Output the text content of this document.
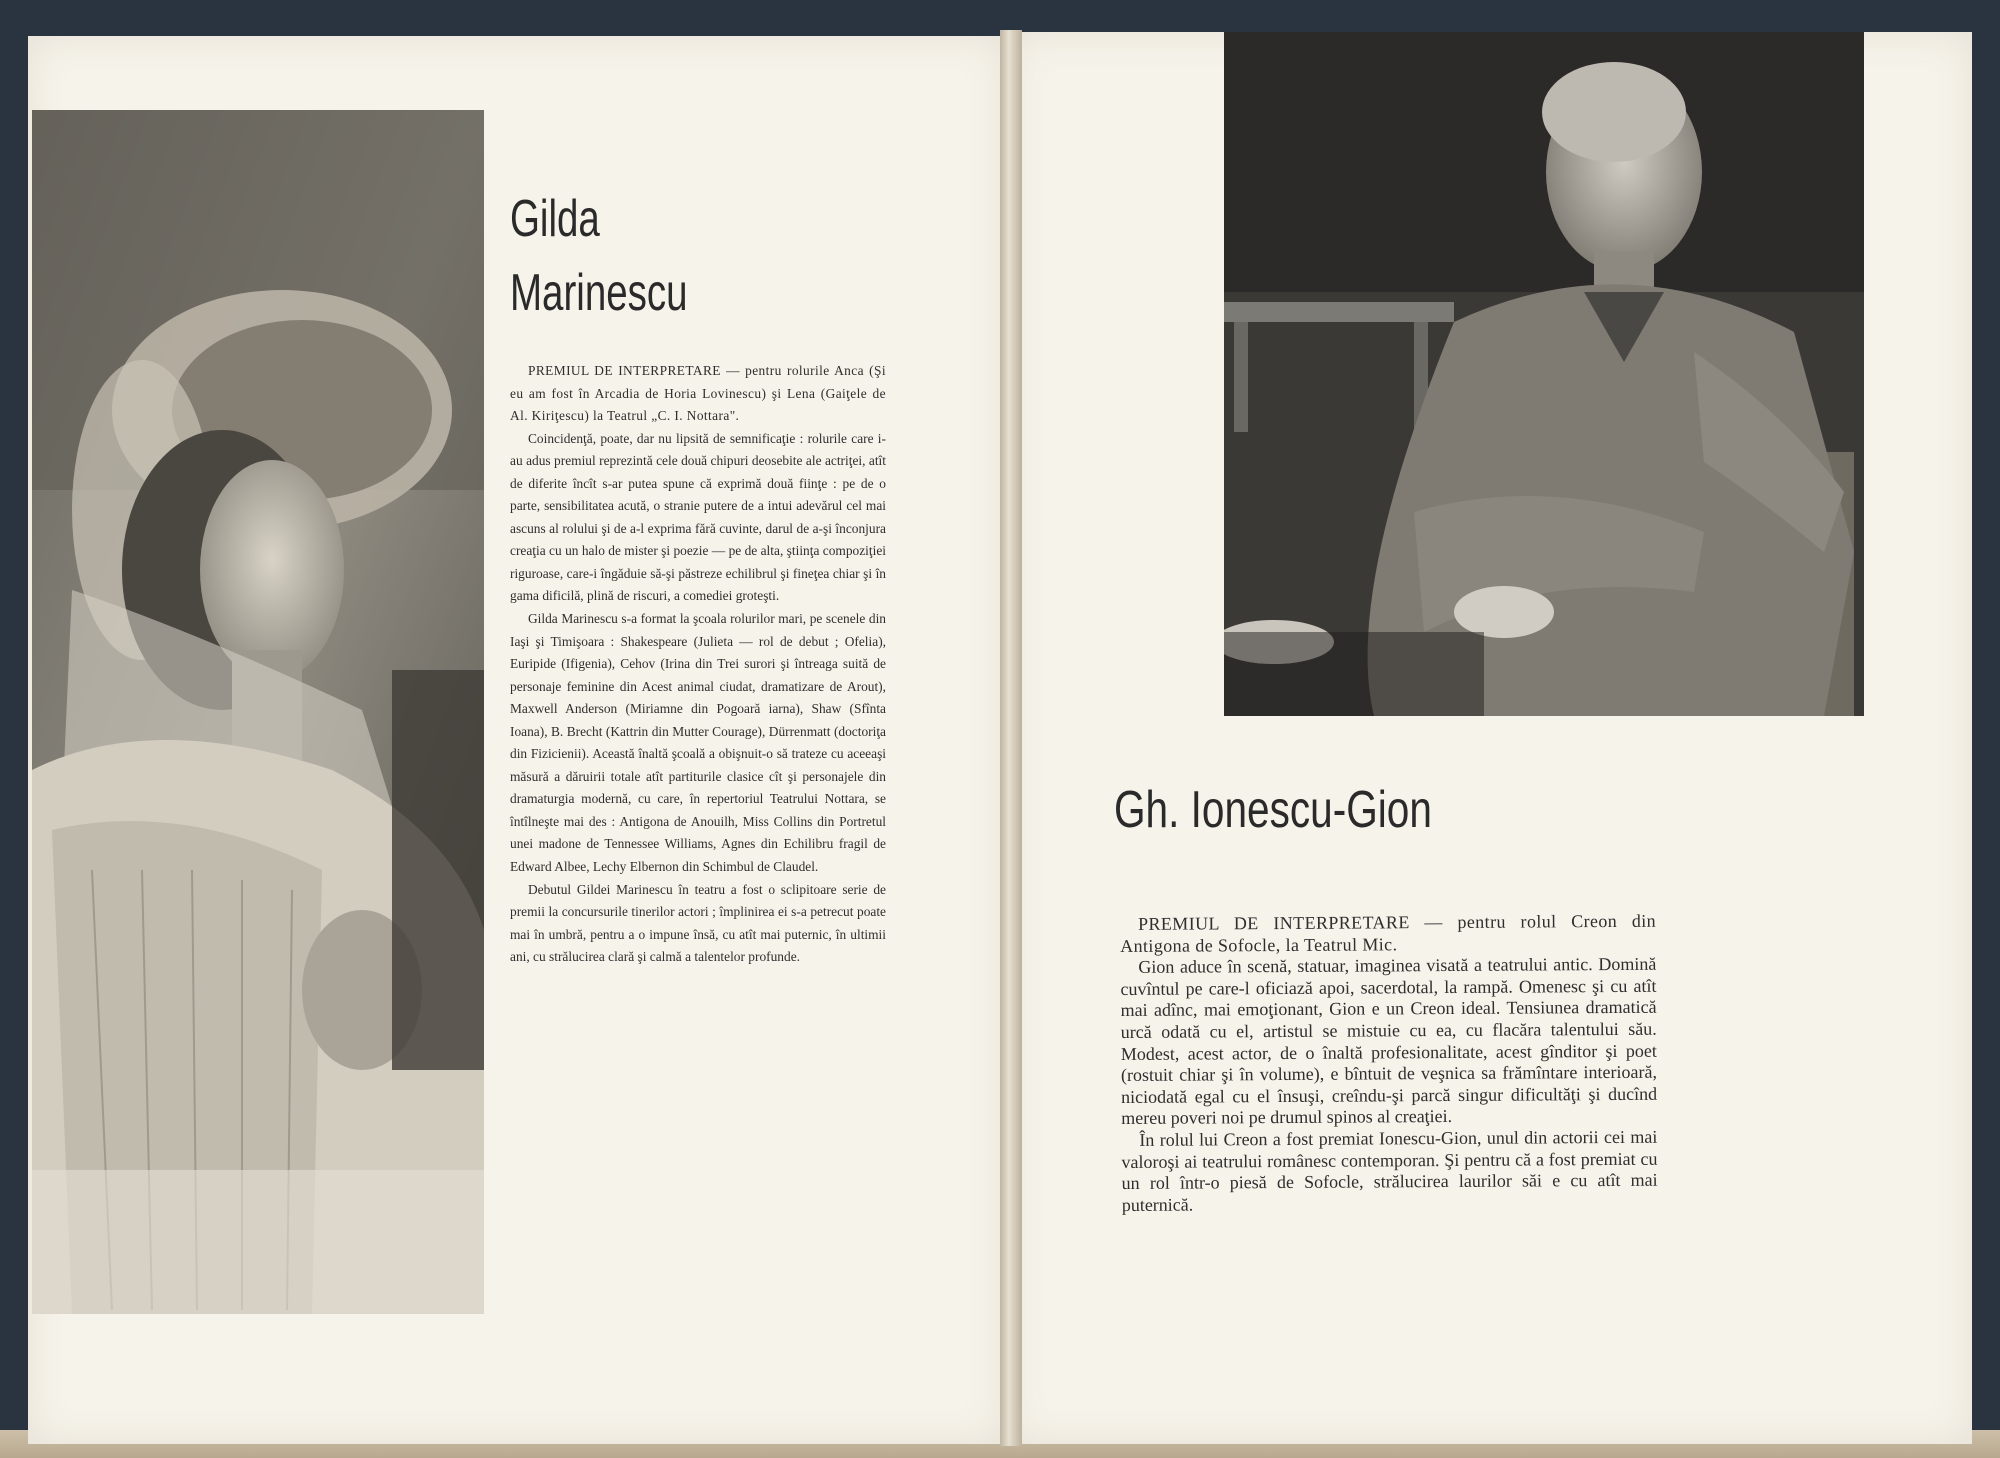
Gilda
Marinescu

PREMIUL DE INTERPRETARE — pentru rolurile Anca (Şi eu am fost în Arcadia de Horia Lovinescu) şi Lena (Gaiţele de Al. Kiriţescu) la Teatrul „C. I. Nottara".

Coincidenţă, poate, dar nu lipsită de semnificaţie : rolurile care i-au adus premiul reprezintă cele două chipuri deosebite ale actriţei, atît de diferite încît s-ar putea spune că exprimă două fiinţe : pe de o parte, sensibilitatea acută, o stranie putere de a intui adevărul cel mai ascuns al rolului şi de a-l exprima fără cuvinte, darul de a-şi înconjura creaţia cu un halo de mister şi poezie — pe de alta, ştiinţa compoziţiei riguroase, care-i îngăduie să-şi păstreze echilibrul şi fineţea chiar şi în gama dificilă, plină de riscuri, a comediei groteşti.

Gilda Marinescu s-a format la şcoala rolurilor mari, pe scenele din Iaşi şi Timişoara : Shakespeare (Julieta — rol de debut ; Ofelia), Euripide (Ifigenia), Cehov (Irina din Trei surori şi întreaga suită de personaje feminine din Acest animal ciudat, dramatizare de Arout), Maxwell Anderson (Miriamne din Pogoară iarna), Shaw (Sfînta Ioana), B. Brecht (Kattrin din Mutter Courage), Dürrenmatt (doctoriţa din Fizicienii). Această înaltă şcoală a obişnuit-o să trateze cu aceeaşi măsură a dăruirii totale atît partiturile clasice cît şi personajele din dramaturgia modernă, cu care, în repertoriul Teatrului Nottara, se întîlneşte mai des : Antigona de Anouilh, Miss Collins din Portretul unei madone de Tennessee Williams, Agnes din Echilibru fragil de Edward Albee, Lechy Elbernon din Schimbul de Claudel.

Debutul Gildei Marinescu în teatru a fost o sclipitoare serie de premii la concursurile tinerilor actori ; împlinirea ei s-a petrecut poate mai în umbră, pentru a o impune însă, cu atît mai puternic, în ultimii ani, cu strălucirea clară şi calmă a talentelor profunde.

Gh. Ionescu-Gion

PREMIUL DE INTERPRETARE — pentru rolul Creon din Antigona de Sofocle, la Teatrul Mic.

Gion aduce în scenă, statuar, imaginea visată a teatrului antic. Domină cuvîntul pe care-l oficiază apoi, sacerdotal, la rampă. Omenesc şi cu atît mai adînc, mai emoţionant, Gion e un Creon ideal. Tensiunea dramatică urcă odată cu el, artistul se mistuie cu ea, cu flacăra talentului său. Modest, acest actor, de o înaltă profesionalitate, acest gînditor şi poet (rostuit chiar şi în volume), e bîntuit de veşnica sa frămîntare interioară, niciodată egal cu el însuşi, creîndu-şi parcă singur dificultăţi şi ducînd mereu poveri noi pe drumul spinos al creaţiei.

În rolul lui Creon a fost premiat Ionescu-Gion, unul din actorii cei mai valoroşi ai teatrului românesc contemporan. Şi pentru că a fost premiat cu un rol într-o piesă de Sofocle, strălucirea laurilor săi e cu atît mai puternică.
